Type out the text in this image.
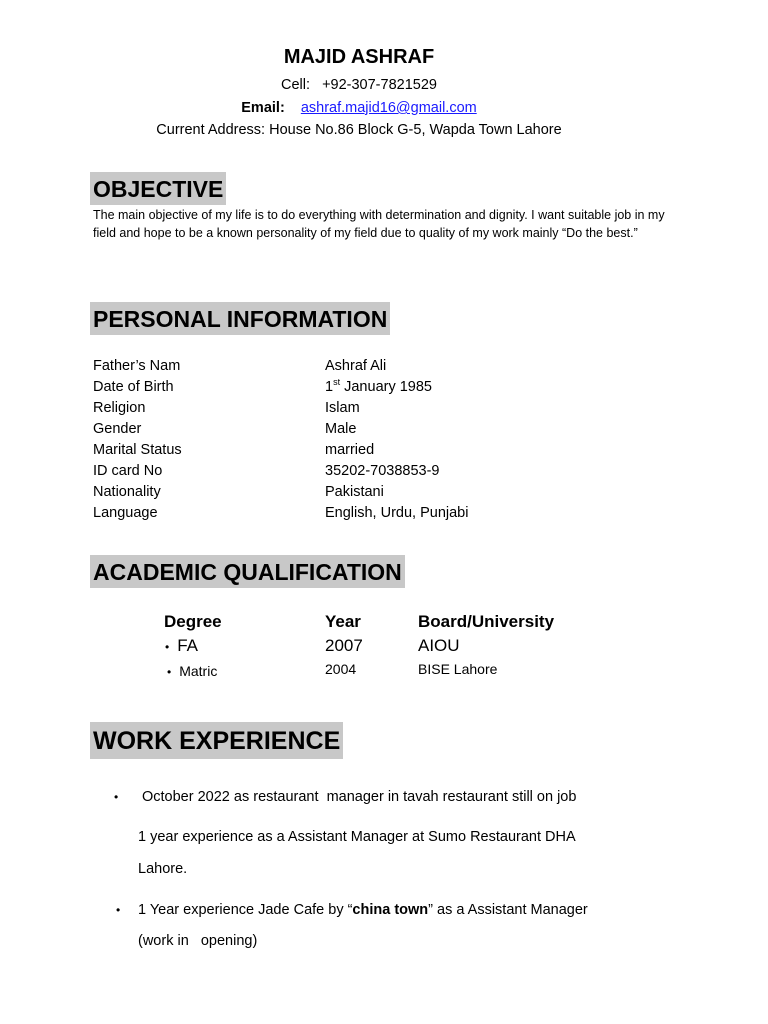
MAJID ASHRAF
Cell: +92-307-7821529
Email: ashraf.majid16@gmail.com
Current Address: House No.86 Block G-5, Wapda Town Lahore
OBJECTIVE
The main objective of my life is to do everything with determination and dignity. I want suitable job in my field and hope to be a known personality of my field due to quality of my work mainly “Do the best.”
PERSONAL INFORMATION
Father’s Nam	Ashraf Ali
Date of Birth	1st January 1985
Religion	Islam
Gender	Male
Marital Status	married
ID card No	35202-7038853-9
Nationality	Pakistani
Language	English, Urdu, Punjabi
ACADEMIC QUALIFICATION
Degree	Year	Board/University
• FA	2007	AIOU
• Matric	2004	BISE Lahore
WORK EXPERIENCE
• October 2022 as restaurant  manager in tavah restaurant still on job
1 year experience as a Assistant Manager at Sumo Restaurant DHA
Lahore.
• 1 Year experience Jade Cafe by “china town” as a Assistant Manager
(work in   opening)
